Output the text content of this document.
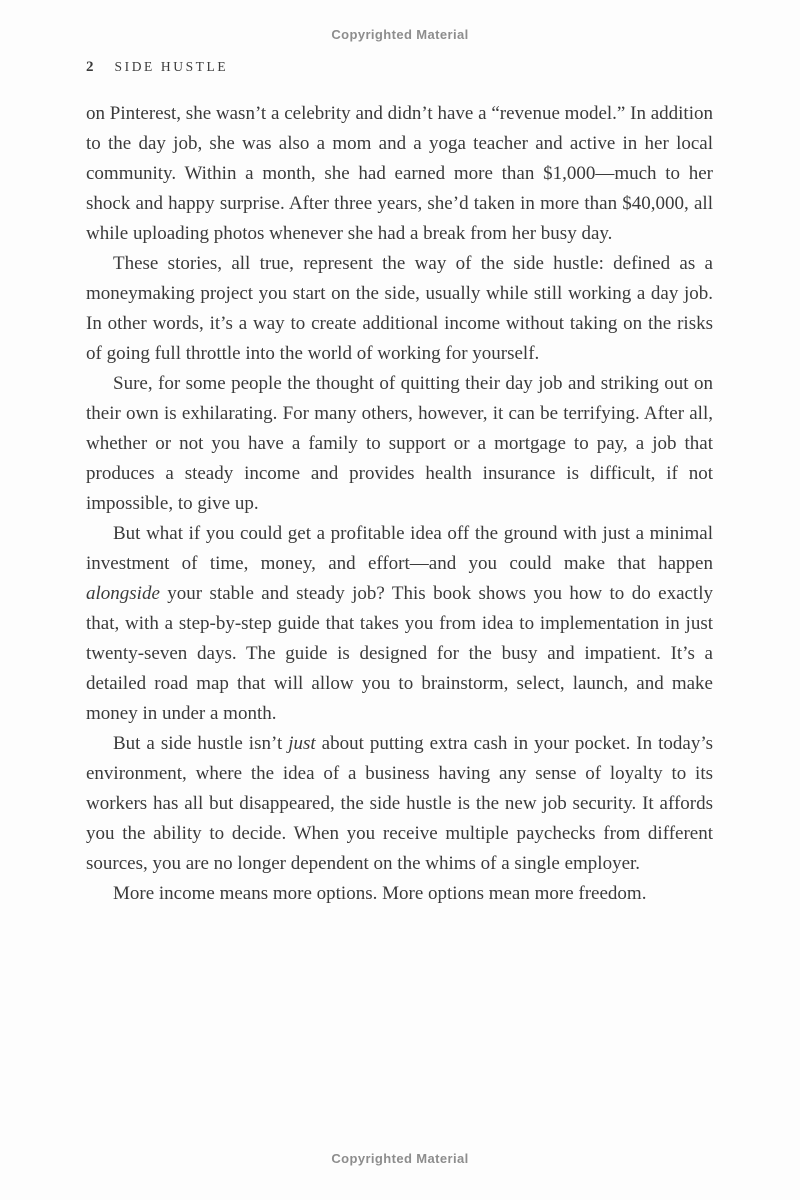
Copyrighted Material
2 SIDE HUSTLE

on Pinterest, she wasn’t a celebrity and didn’t have a “revenue model.” In addition to the day job, she was also a mom and a yoga teacher and active in her local community. Within a month, she had earned more than $1,000—much to her shock and happy surprise. After three years, she’d taken in more than $40,000, all while uploading photos whenever she had a break from her busy day.

These stories, all true, represent the way of the side hustle: defined as a moneymaking project you start on the side, usually while still working a day job. In other words, it’s a way to create additional income without taking on the risks of going full throttle into the world of working for yourself.

Sure, for some people the thought of quitting their day job and striking out on their own is exhilarating. For many others, however, it can be terrifying. After all, whether or not you have a family to support or a mortgage to pay, a job that produces a steady income and provides health insurance is difficult, if not impossible, to give up.

But what if you could get a profitable idea off the ground with just a minimal investment of time, money, and effort—and you could make that happen alongside your stable and steady job? This book shows you how to do exactly that, with a step-by-step guide that takes you from idea to implementation in just twenty-seven days. The guide is designed for the busy and impatient. It’s a detailed road map that will allow you to brainstorm, select, launch, and make money in under a month.

But a side hustle isn’t just about putting extra cash in your pocket. In today’s environment, where the idea of a business having any sense of loyalty to its workers has all but disappeared, the side hustle is the new job security. It affords you the ability to decide. When you receive multiple paychecks from different sources, you are no longer dependent on the whims of a single employer.

More income means more options. More options mean more freedom.

Copyrighted Material
